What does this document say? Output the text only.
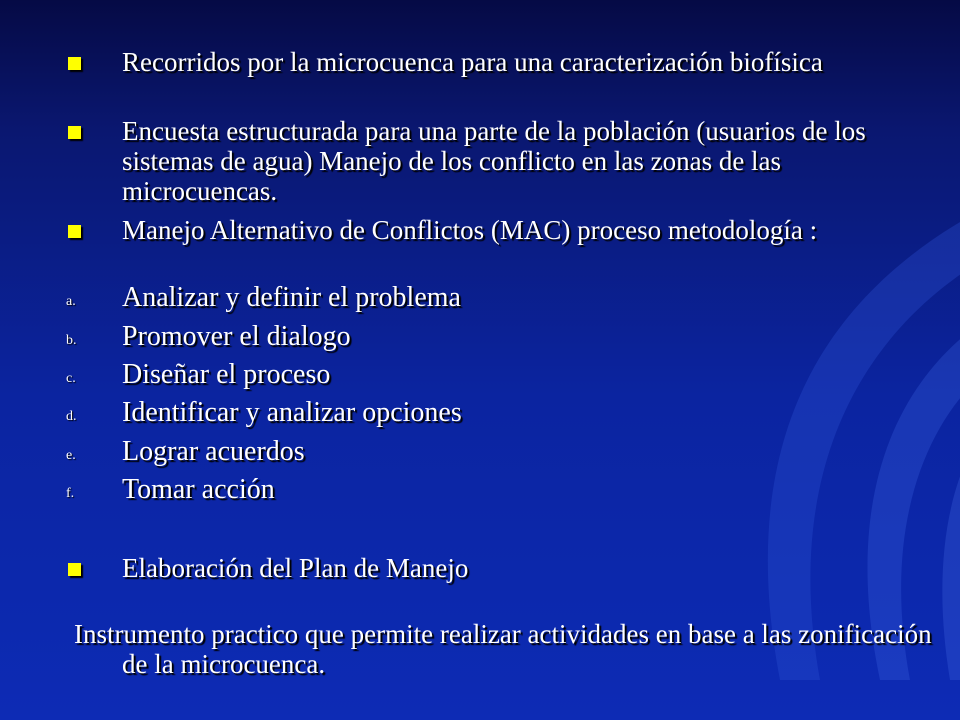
Recorridos por la microcuenca para una caracterización biofísica

Encuesta estructurada para una parte de la población (usuarios de los sistemas de agua) Manejo de los conflicto en las zonas de las microcuencas.

Manejo Alternativo de Conflictos (MAC) proceso metodología :

a. Analizar y definir el problema

b. Promover el dialogo

c. Diseñar el proceso

d. Identificar y analizar opciones

e. Lograr acuerdos

f. Tomar acción

Elaboración del Plan de Manejo

Instrumento practico que permite realizar actividades en base a las zonificación de la microcuenca.
